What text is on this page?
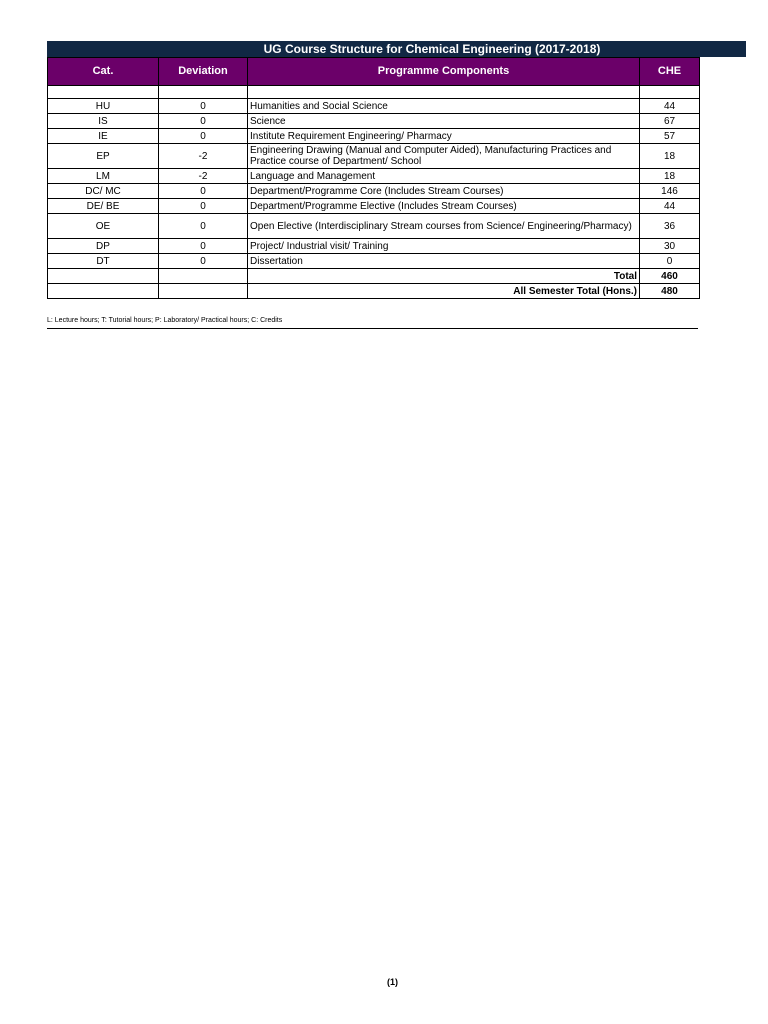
UG Course Structure for Chemical Engineering (2017-2018)
Cat.	Deviation	Programme Components	CHE

HU	0	Humanities and Social Science	44
IS	0	Science	67
IE	0	Institute Requirement Engineering/ Pharmacy	57
EP	-2	Engineering Drawing (Manual and Computer Aided), Manufacturing Practices and Practice course of Department/ School	18
LM	-2	Language and Management	18
DC/ MC	0	Department/Programme Core (Includes Stream Courses)	146
DE/ BE	0	Department/Programme Elective (Includes Stream Courses)	44
OE	0	Open Elective (Interdisciplinary Stream courses from Science/ Engineering/Pharmacy)	36
DP	0	Project/ Industrial visit/ Training	30
DT	0	Dissertation	0
		Total	460
		All Semester Total (Hons.)	480
L: Lecture hours; T: Tutorial hours; P: Laboratory/ Practical hours; C: Credits
(1)
